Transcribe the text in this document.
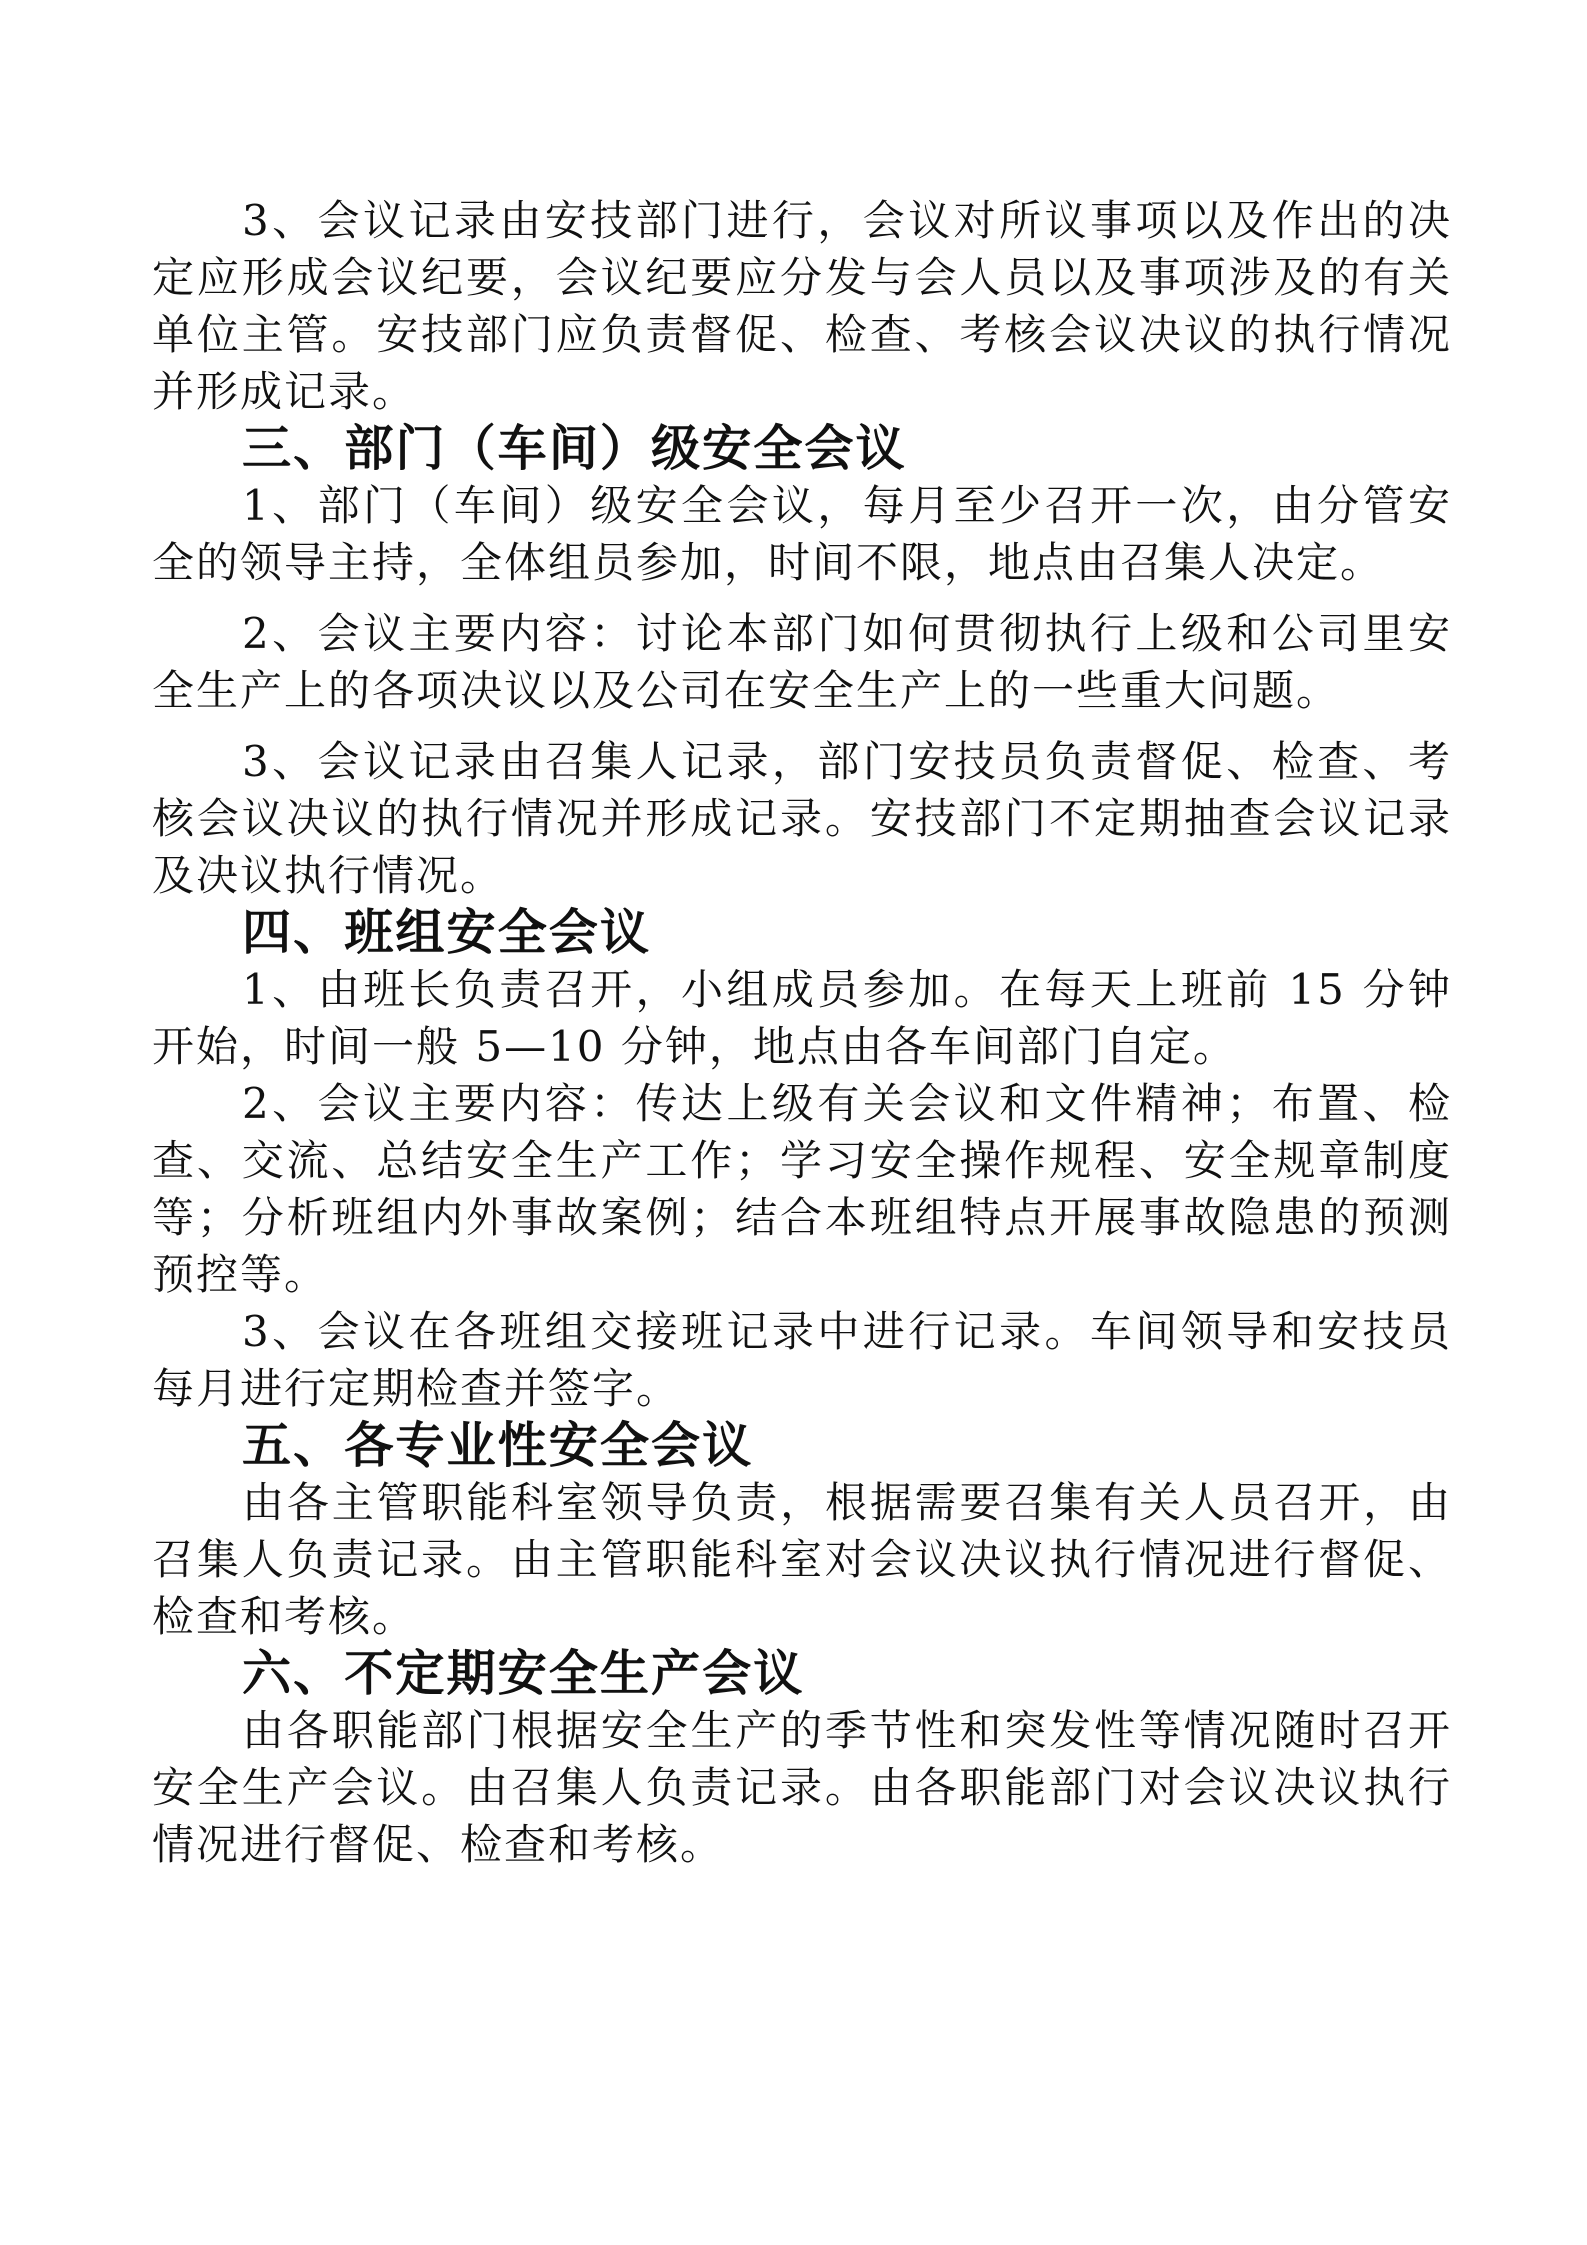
3、会议记录由安技部门进行，会议对所议事项以及作出的决定应形成会议纪要，会议纪要应分发与会人员以及事项涉及的有关单位主管。安技部门应负责督促、检查、考核会议决议的执行情况并形成记录。

三、部门（车间）级安全会议

1、部门（车间）级安全会议，每月至少召开一次，由分管安全的领导主持，全体组员参加，时间不限，地点由召集人决定。

2、会议主要内容：讨论本部门如何贯彻执行上级和公司里安全生产上的各项决议以及公司在安全生产上的一些重大问题。

3、会议记录由召集人记录，部门安技员负责督促、检查、考核会议决议的执行情况并形成记录。安技部门不定期抽查会议记录及决议执行情况。

四、班组安全会议

1、由班长负责召开，小组成员参加。在每天上班前 15 分钟开始，时间一般 5—10 分钟，地点由各车间部门自定。

2、会议主要内容：传达上级有关会议和文件精神；布置、检查、交流、总结安全生产工作；学习安全操作规程、安全规章制度等；分析班组内外事故案例；结合本班组特点开展事故隐患的预测预控等。

3、会议在各班组交接班记录中进行记录。车间领导和安技员每月进行定期检查并签字。

五、各专业性安全会议

由各主管职能科室领导负责，根据需要召集有关人员召开，由召集人负责记录。由主管职能科室对会议决议执行情况进行督促、检查和考核。

六、不定期安全生产会议

由各职能部门根据安全生产的季节性和突发性等情况随时召开安全生产会议。由召集人负责记录。由各职能部门对会议决议执行情况进行督促、检查和考核。
